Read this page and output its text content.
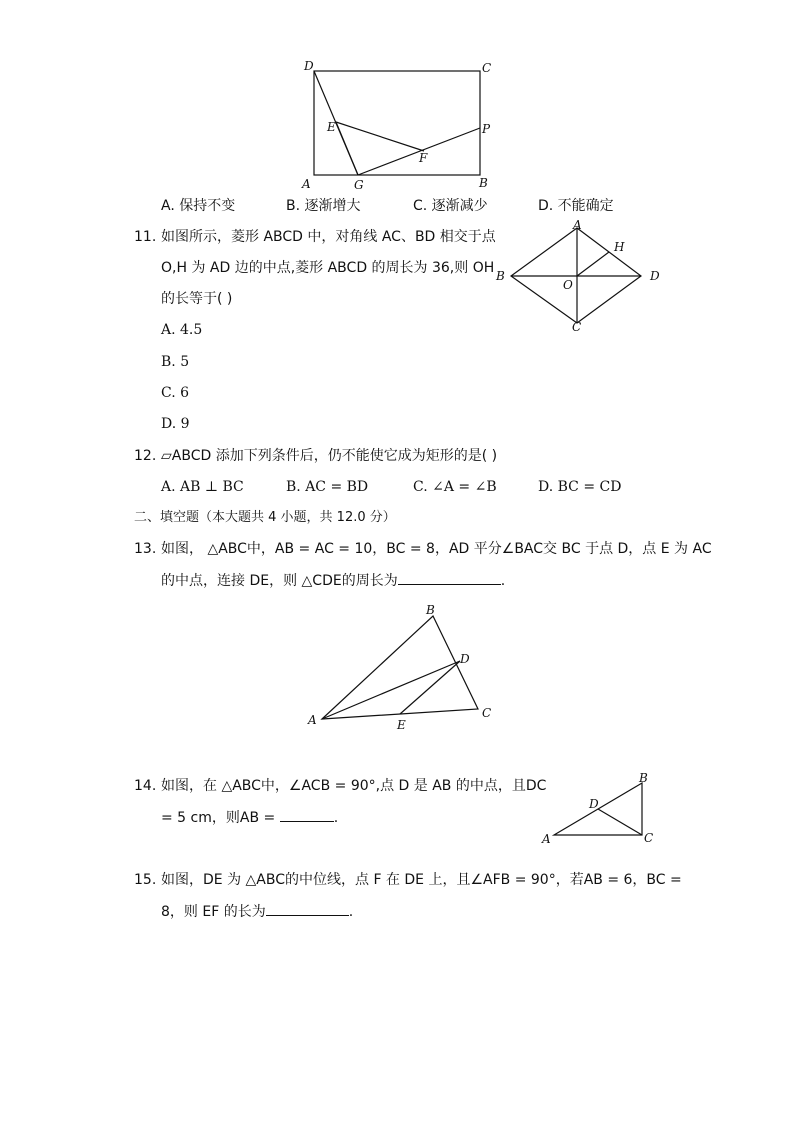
D	C
E	P
F
A	G	B
A. 保持不变	B. 逐渐增大	C. 逐渐减少	D. 不能确定
11. 如图所示，菱形 ABCD 中，对角线 AC、BD 相交于点
O,H 为 AD 边的中点,菱形 ABCD 的周长为 36,则 OH
的长等于( )
A. 4.5
B. 5
C. 6
D. 9
A
H
B
O
D
C
12. ▱ABCD 添加下列条件后，仍不能使它成为矩形的是( )
A. AB ⊥ BC	B. AC = BD	C. ∠A = ∠B	D. BC = CD
二、填空题（本大题共 4 小题，共 12.0 分）
13. 如图， △ABC中，AB = AC = 10，BC = 8，AD 平分∠BAC交 BC 于点 D，点 E 为 AC
的中点，连接 DE，则 △CDE的周长为	.
B
D
A	E
C
14. 如图，在 △ABC中，∠ACB = 90°,点 D 是 AB 的中点，且DC
= 5 cm，则AB =	.
B
D
A	C
15. 如图，DE 为 △ABC的中位线，点 F 在 DE 上，且∠AFB = 90°，若AB = 6，BC =
8，则 EF 的长为	.
